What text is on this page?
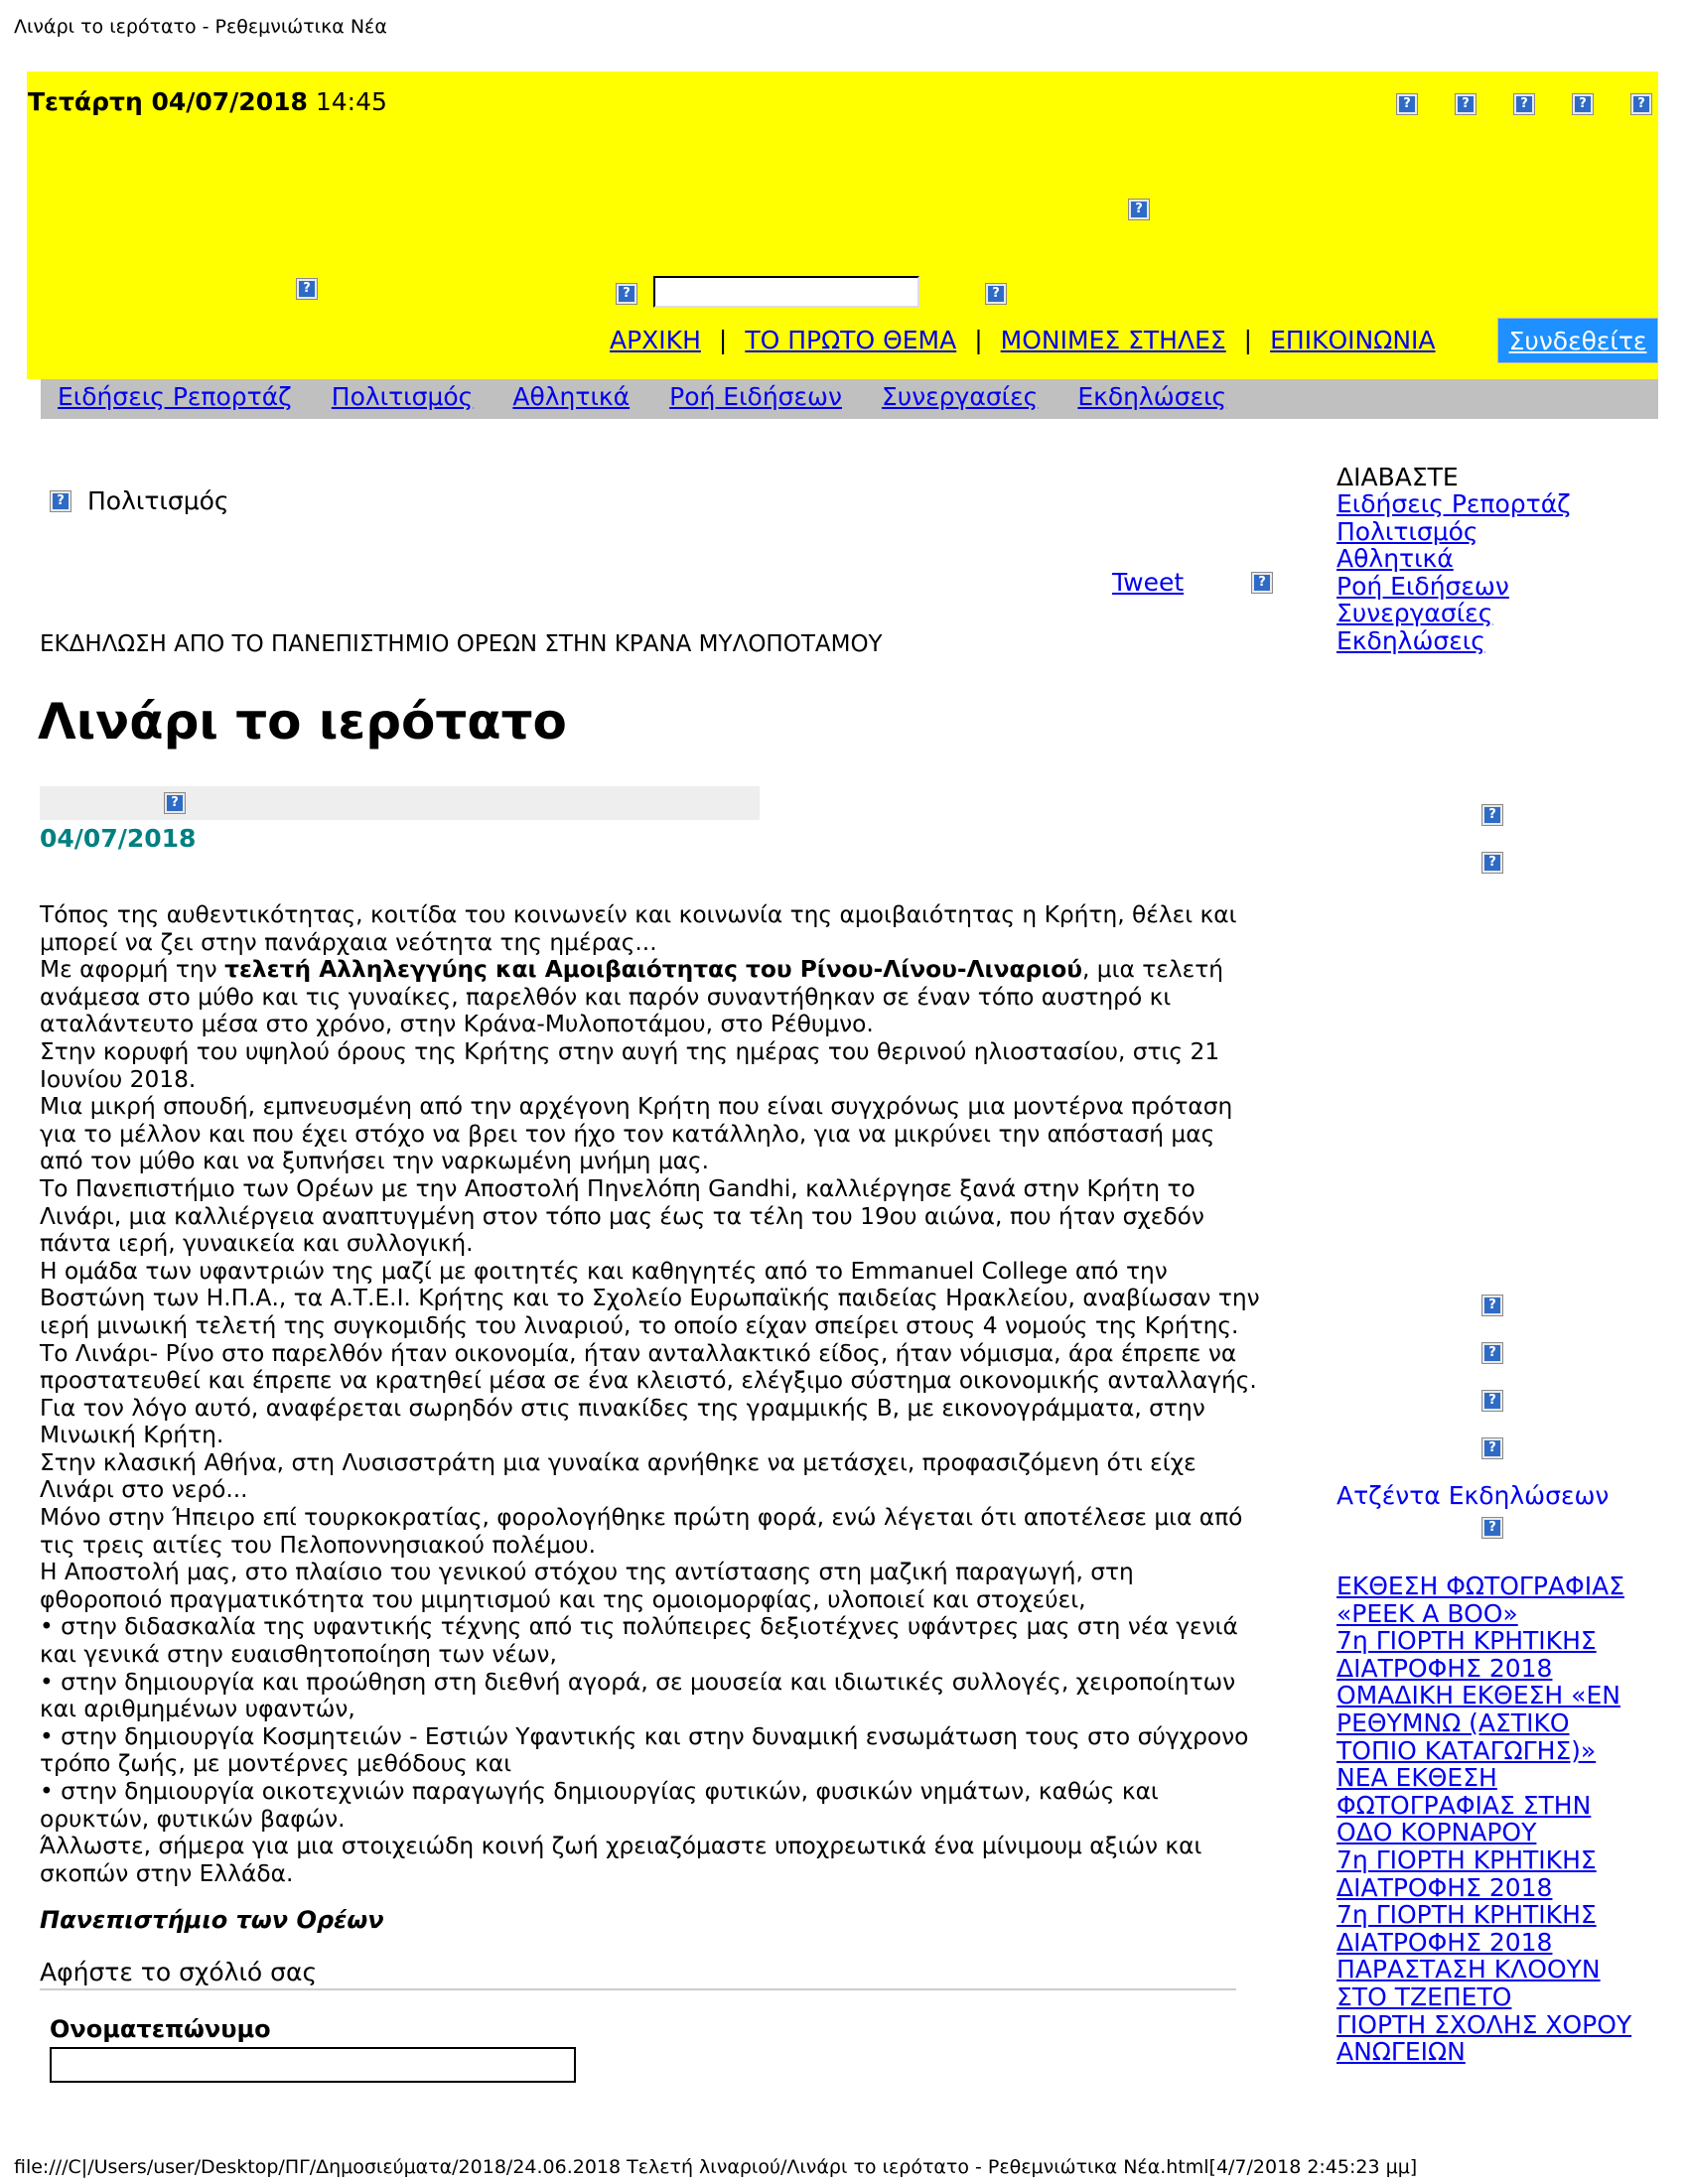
Λινάρι το ιερότατο - Ρεθεμνιώτικα Νέα
Τετάρτη 04/07/2018 14:45	?	?	?	?	?
?
?	?	?
ΑΡΧΙΚΗ | ΤΟ ΠΡΩΤΟ ΘΕΜΑ | ΜΟΝΙΜΕΣ ΣΤΗΛΕΣ | ΕΠΙΚΟΙΝΩΝΙΑ	Συνδεθείτε
Ειδήσεις Ρεπορτάζ Πολιτισμός Αθλητικά Ροή Ειδήσεων Συνεργασίες Εκδηλώσεις
? Πολιτισμός
Tweet	?
ΕΚΔΗΛΩΣΗ ΑΠΟ ΤΟ ΠΑΝΕΠΙΣΤΗΜΙΟ ΟΡΕΩΝ ΣΤΗΝ ΚΡΑΝΑ ΜΥΛΟΠΟΤΑΜΟΥ
Λινάρι το ιερότατο
?
04/07/2018

Τόπος της αυθεντικότητας, κοιτίδα του κοινωνείν και κοινωνία της αμοιβαιότητας η Κρήτη, θέλει και μπορεί να ζει στην πανάρχαια νεότητα της ημέρας...

Με αφορμή την τελετή Αλληλεγγύης και Αμοιβαιότητας του Ρίνου-Λίνου-Λιναριού, μια τελετή ανάμεσα στο μύθο και τις γυναίκες, παρελθόν και παρόν συναντήθηκαν σε έναν τόπο αυστηρό κι αταλάντευτο μέσα στο χρόνο, στην Κράνα-Μυλοποτάμου, στο Ρέθυμνο.

Στην κορυφή του υψηλού όρους της Κρήτης στην αυγή της ημέρας του θερινού ηλιοστασίου, στις 21 Ιουνίου 2018.

Μια μικρή σπουδή, εμπνευσμένη από την αρχέγονη Κρήτη που είναι συγχρόνως μια μοντέρνα πρόταση για το μέλλον και που έχει στόχο να βρει τον ήχο τον κατάλληλο, για να μικρύνει την απόστασή μας από τον μύθο και να ξυπνήσει την ναρκωμένη μνήμη μας.

Το Πανεπιστήμιο των Ορέων με την Αποστολή Πηνελόπη Gandhi, καλλιέργησε ξανά στην Κρήτη το Λινάρι, μια καλλιέργεια αναπτυγμένη στον τόπο μας έως τα τέλη του 19ου αιώνα, που ήταν σχεδόν πάντα ιερή, γυναικεία και συλλογική.

Η ομάδα των υφαντριών της μαζί με φοιτητές και καθηγητές από το Emmanuel College από την Βοστώνη των Η.Π.Α., τα Α.Τ.Ε.Ι. Κρήτης και το Σχολείο Ευρωπαϊκής παιδείας Ηρακλείου, αναβίωσαν την ιερή μινωική τελετή της συγκομιδής του λιναριού, το οποίο είχαν σπείρει στους 4 νομούς της Κρήτης.

Το Λινάρι- Ρίνο στο παρελθόν ήταν οικονομία, ήταν ανταλλακτικό είδος, ήταν νόμισμα, άρα έπρεπε να προστατευθεί και έπρεπε να κρατηθεί μέσα σε ένα κλειστό, ελέγξιμο σύστημα οικονομικής ανταλλαγής.

Για τον λόγο αυτό, αναφέρεται σωρηδόν στις πινακίδες της γραμμικής Β, με εικονογράμματα, στην Μινωική Κρήτη.

Στην κλασική Αθήνα, στη Λυσισστράτη μια γυναίκα αρνήθηκε να μετάσχει, προφασιζόμενη ότι είχε Λινάρι στο νερό...

Μόνο στην Ήπειρο επί τουρκοκρατίας, φορολογήθηκε πρώτη φορά, ενώ λέγεται ότι αποτέλεσε μια από τις τρεις αιτίες του Πελοποννησιακού πολέμου.

Η Αποστολή μας, στο πλαίσιο του γενικού στόχου της αντίστασης στη μαζική παραγωγή, στη φθοροποιό πραγματικότητα του μιμητισμού και της ομοιομορφίας, υλοποιεί και στοχεύει,

• στην διδασκαλία της υφαντικής τέχνης από τις πολύπειρες δεξιοτέχνες υφάντρες μας στη νέα γενιά και γενικά στην ευαισθητοποίηση των νέων,

• στην δημιουργία και προώθηση στη διεθνή αγορά, σε μουσεία και ιδιωτικές συλλογές, χειροποίητων και αριθμημένων υφαντών,

• στην δημιουργία Κοσμητειών - Εστιών Υφαντικής και στην δυναμική ενσωμάτωση τους στο σύγχρονο τρόπο ζωής, με μοντέρνες μεθόδους και

• στην δημιουργία οικοτεχνιών παραγωγής δημιουργίας φυτικών, φυσικών νημάτων, καθώς και ορυκτών, φυτικών βαφών.

Άλλωστε, σήμερα για μια στοιχειώδη κοινή ζωή χρειαζόμαστε υποχρεωτικά ένα μίνιμουμ αξιών και σκοπών στην Ελλάδα.

Πανεπιστήμιο των Ορέων
Αφήστε το σχόλιό σας
Ονοματεπώνυμο
ΔΙΑΒΑΣΤΕ
Ειδήσεις Ρεπορτάζ
Πολιτισμός
Αθλητικά
Ροή Ειδήσεων
Συνεργασίες
Εκδηλώσεις
?
?
?
?
?
?
Ατζέντα Εκδηλώσεων
?
ΕΚΘΕΣΗ ΦΩΤΟΓΡΑΦΙΑΣ «PEEK A BOO»
7η ΓΙΟΡΤΗ ΚΡΗΤΙΚΗΣ ΔΙΑΤΡΟΦΗΣ 2018
ΟΜΑΔΙΚΗ ΕΚΘΕΣΗ «ΕΝ ΡΕΘΥΜΝΩ (ΑΣΤΙΚΟ ΤΟΠΙΟ ΚΑΤΑΓΩΓΗΣ)»
ΝΕΑ ΕΚΘΕΣΗ ΦΩΤΟΓΡΑΦΙΑΣ ΣΤΗΝ ΟΔΟ ΚΟΡΝΑΡΟΥ
7η ΓΙΟΡΤΗ ΚΡΗΤΙΚΗΣ ΔΙΑΤΡΟΦΗΣ 2018
7η ΓΙΟΡΤΗ ΚΡΗΤΙΚΗΣ ΔΙΑΤΡΟΦΗΣ 2018
ΠΑΡΑΣΤΑΣΗ ΚΛΟΟΥΝ ΣΤΟ ΤΖΕΠΕΤΟ
ΓΙΟΡΤΗ ΣΧΟΛΗΣ ΧΟΡΟΥ ΑΝΩΓΕΙΩΝ
file:///C|/Users/user/Desktop/ΠΓ/Δημοσιεύματα/2018/24.06.2018 Τελετή λιναριού/Λινάρι το ιερότατο - Ρεθεμνιώτικα Νέα.html[4/7/2018 2:45:23 μμ]
